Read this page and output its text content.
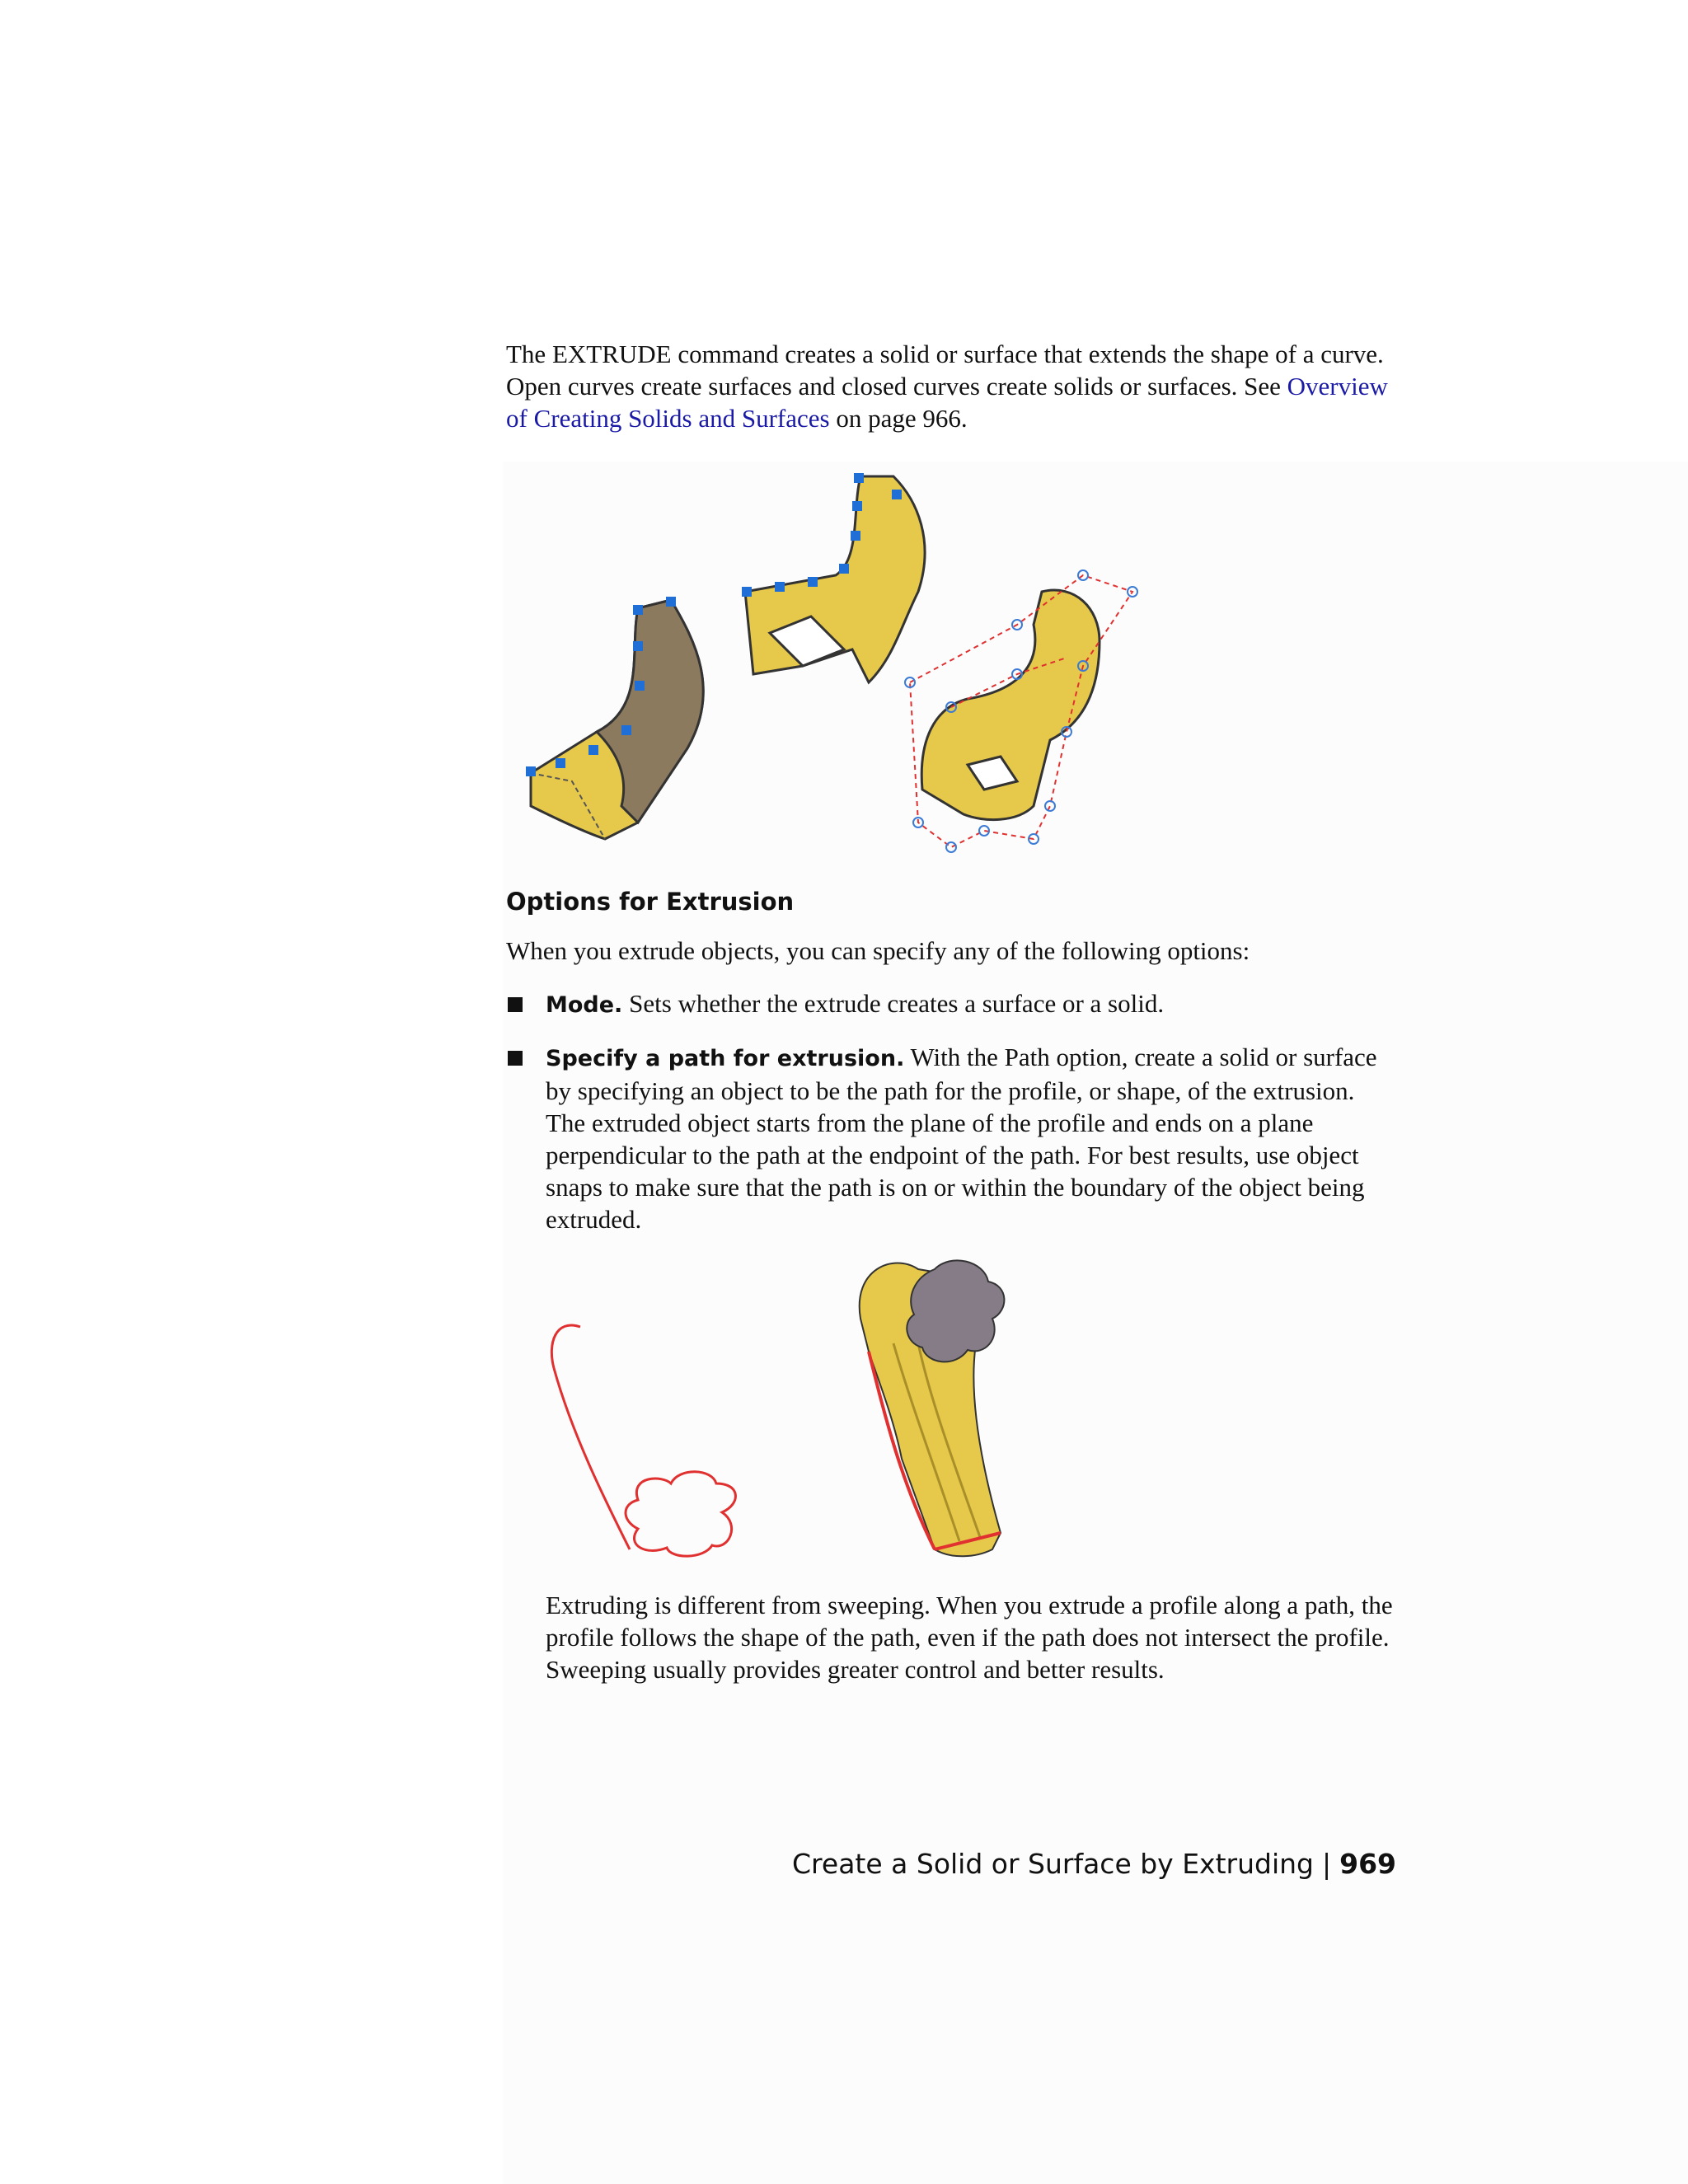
The EXTRUDE command creates a solid or surface that extends the shape of a curve. Open curves create surfaces and closed curves create solids or surfaces. See Overview of Creating Solids and Surfaces on page 966.

Options for Extrusion

When you extrude objects, you can specify any of the following options:

Mode. Sets whether the extrude creates a surface or a solid.
Specify a path for extrusion. With the Path option, create a solid or surface by specifying an object to be the path for the profile, or shape, of the extrusion. The extruded object starts from the plane of the profile and ends on a plane perpendicular to the path at the endpoint of the path. For best results, use object snaps to make sure that the path is on or within the boundary of the object being extruded.

Extruding is different from sweeping. When you extrude a profile along a path, the profile follows the shape of the path, even if the path does not intersect the profile. Sweeping usually provides greater control and better results.

Create a Solid or Surface by Extruding | 969
